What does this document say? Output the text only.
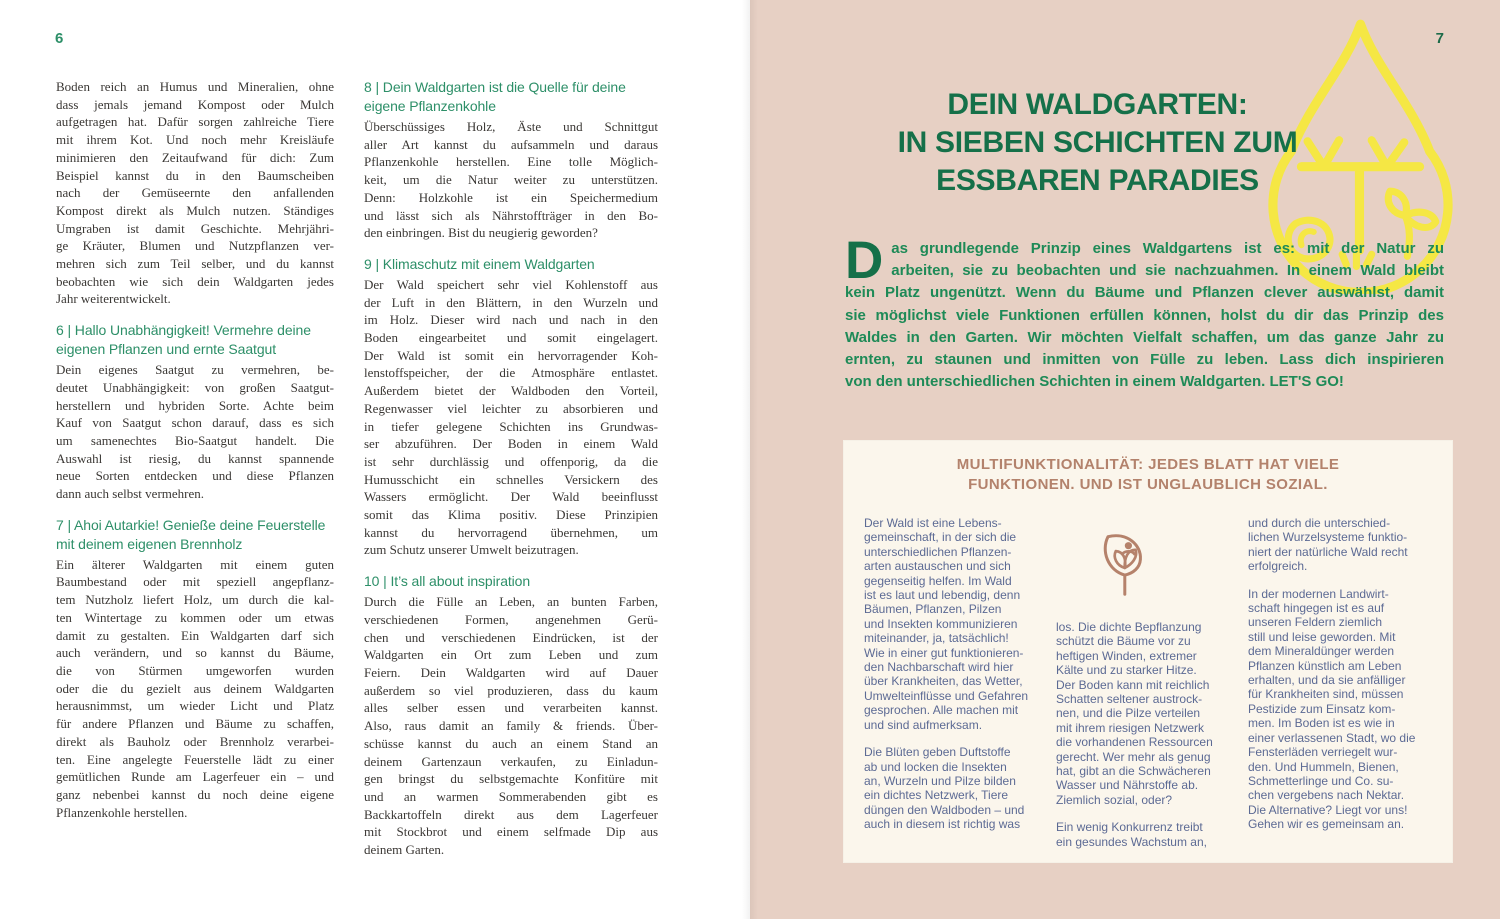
6
Boden reich an Humus und Mineralien, ohne
dass jemals jemand Kompost oder Mulch
aufgetragen hat. Dafür sorgen zahlreiche Tiere
mit ihrem Kot. Und noch mehr Kreisläufe
minimieren den Zeitaufwand für dich: Zum
Beispiel kannst du in den Baumscheiben
nach der Gemüseernte den anfallenden
Kompost direkt als Mulch nutzen. Ständiges
Umgraben ist damit Geschichte. Mehrjähri-
ge Kräuter, Blumen und Nutzpflanzen ver-
mehren sich zum Teil selber, und du kannst
beobachten wie sich dein Waldgarten jedes
Jahr weiterentwickelt.
6 | Hallo Unabhängigkeit! Vermehre deine
eigenen Pflanzen und ernte Saatgut
Dein eigenes Saatgut zu vermehren, be-
deutet Unabhängigkeit: von großen Saatgut-
herstellern und hybriden Sorte. Achte beim
Kauf von Saatgut schon darauf, dass es sich
um samenechtes Bio-Saatgut handelt. Die
Auswahl ist riesig, du kannst spannende
neue Sorten entdecken und diese Pflanzen
dann auch selbst vermehren.
7 | Ahoi Autarkie! Genieße deine Feuerstelle
mit deinem eigenen Brennholz
Ein älterer Waldgarten mit einem guten
Baumbestand oder mit speziell angepflanz-
tem Nutzholz liefert Holz, um durch die kal-
ten Wintertage zu kommen oder um etwas
damit zu gestalten. Ein Waldgarten darf sich
auch verändern, und so kannst du Bäume,
die von Stürmen umgeworfen wurden
oder die du gezielt aus deinem Waldgarten
herausnimmst, um wieder Licht und Platz
für andere Pflanzen und Bäume zu schaffen,
direkt als Bauholz oder Brennholz verarbei-
ten. Eine angelegte Feuerstelle lädt zu einer
gemütlichen Runde am Lagerfeuer ein – und
ganz nebenbei kannst du noch deine eigene
Pflanzenkohle herstellen.
8 | Dein Waldgarten ist die Quelle für deine
eigene Pflanzenkohle
Überschüssiges Holz, Äste und Schnittgut
aller Art kannst du aufsammeln und daraus
Pflanzenkohle herstellen. Eine tolle Möglich-
keit, um die Natur weiter zu unterstützen.
Denn: Holzkohle ist ein Speichermedium
und lässt sich als Nährstoffträger in den Bo-
den einbringen. Bist du neugierig geworden?
9 | Klimaschutz mit einem Waldgarten
Der Wald speichert sehr viel Kohlenstoff aus
der Luft in den Blättern, in den Wurzeln und
im Holz. Dieser wird nach und nach in den
Boden eingearbeitet und somit eingelagert.
Der Wald ist somit ein hervorragender Koh-
lenstoffspeicher, der die Atmosphäre entlastet.
Außerdem bietet der Waldboden den Vorteil,
Regenwasser viel leichter zu absorbieren und
in tiefer gelegene Schichten ins Grundwas-
ser abzuführen. Der Boden in einem Wald
ist sehr durchlässig und offenporig, da die
Humusschicht ein schnelles Versickern des
Wassers ermöglicht. Der Wald beeinflusst
somit das Klima positiv. Diese Prinzipien
kannst du hervorragend übernehmen, um
zum Schutz unserer Umwelt beizutragen.
10 | It’s all about inspiration
Durch die Fülle an Leben, an bunten Farben,
verschiedenen Formen, angenehmen Gerü-
chen und verschiedenen Eindrücken, ist der
Waldgarten ein Ort zum Leben und zum
Feiern. Dein Waldgarten wird auf Dauer
außerdem so viel produzieren, dass du kaum
alles selber essen und verarbeiten kannst.
Also, raus damit an family & friends. Über-
schüsse kannst du auch an einem Stand an
deinem Gartenzaun verkaufen, zu Einladun-
gen bringst du selbstgemachte Konfitüre mit
und an warmen Sommerabenden gibt es
Backkartoffeln direkt aus dem Lagerfeuer
mit Stockbrot und einem selfmade Dip aus
deinem Garten.
7
DEIN WALDGARTEN:
IN SIEBEN SCHICHTEN ZUM
ESSBAREN PARADIES
D as grundlegende Prinzip eines Waldgartens ist es: mit der Natur zu
arbeiten, sie zu beobachten und sie nachzuahmen. In einem Wald bleibt
kein Platz ungenützt. Wenn du Bäume und Pflanzen clever auswählst, damit
sie möglichst viele Funktionen erfüllen können, holst du dir das Prinzip des
Waldes in den Garten. Wir möchten Vielfalt schaffen, um das ganze Jahr zu
ernten, zu staunen und inmitten von Fülle zu leben. Lass dich inspirieren
von den unterschiedlichen Schichten in einem Waldgarten. LET'S GO!
MULTIFUNKTIONALITÄT: JEDES BLATT HAT VIELE
FUNKTIONEN. UND IST UNGLAUBLICH SOZIAL.
Der Wald ist eine Lebens-
gemeinschaft, in der sich die
unterschiedlichen Pflanzen-
arten austauschen und sich
gegenseitig helfen. Im Wald
ist es laut und lebendig, denn
Bäumen, Pflanzen, Pilzen
und Insekten kommunizieren
miteinander, ja, tatsächlich!
Wie in einer gut funktionieren-
den Nachbarschaft wird hier
über Krankheiten, das Wetter,
Umwelteinflüsse und Gefahren
gesprochen. Alle machen mit
und sind aufmerksam.
Die Blüten geben Duftstoffe
ab und locken die Insekten
an, Wurzeln und Pilze bilden
ein dichtes Netzwerk, Tiere
düngen den Waldboden – und
auch in diesem ist richtig was
los. Die dichte Bepflanzung
schützt die Bäume vor zu
heftigen Winden, extremer
Kälte und zu starker Hitze.
Der Boden kann mit reichlich
Schatten seltener austrock-
nen, und die Pilze verteilen
mit ihrem riesigen Netzwerk
die vorhandenen Ressourcen
gerecht. Wer mehr als genug
hat, gibt an die Schwächeren
Wasser und Nährstoffe ab.
Ziemlich sozial, oder?
Ein wenig Konkurrenz treibt
ein gesundes Wachstum an,
und durch die unterschied-
lichen Wurzelsysteme funktio-
niert der natürliche Wald recht
erfolgreich.
In der modernen Landwirt-
schaft hingegen ist es auf
unseren Feldern ziemlich
still und leise geworden. Mit
dem Mineraldünger werden
Pflanzen künstlich am Leben
erhalten, und da sie anfälliger
für Krankheiten sind, müssen
Pestizide zum Einsatz kom-
men. Im Boden ist es wie in
einer verlassenen Stadt, wo die
Fensterläden verriegelt wur-
den. Und Hummeln, Bienen,
Schmetterlinge und Co. su-
chen vergebens nach Nektar.
Die Alternative? Liegt vor uns!
Gehen wir es gemeinsam an.
